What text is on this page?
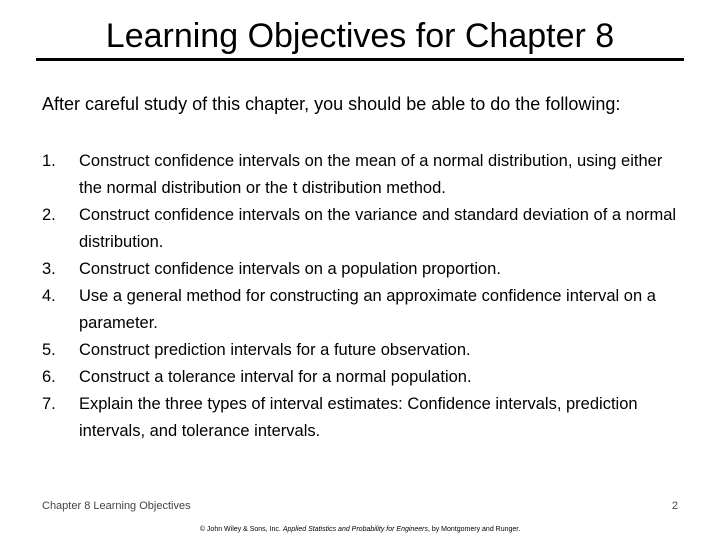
Learning Objectives for Chapter 8
After careful study of this chapter, you should be able to do the following:
1. Construct confidence intervals on the mean of a normal distribution, using either the normal distribution or the t distribution method.
2. Construct confidence intervals on the variance and standard deviation of a normal distribution.
3. Construct confidence intervals on a population proportion.
4. Use a general method for constructing an approximate confidence interval on a parameter.
5. Construct prediction intervals for a future observation.
6. Construct a tolerance interval for a normal population.
7. Explain the three types of interval estimates: Confidence intervals, prediction intervals, and tolerance intervals.
Chapter 8 Learning Objectives	2
© John Wiley & Sons, Inc. Applied Statistics and Probability for Engineers, by Montgomery and Runger.
